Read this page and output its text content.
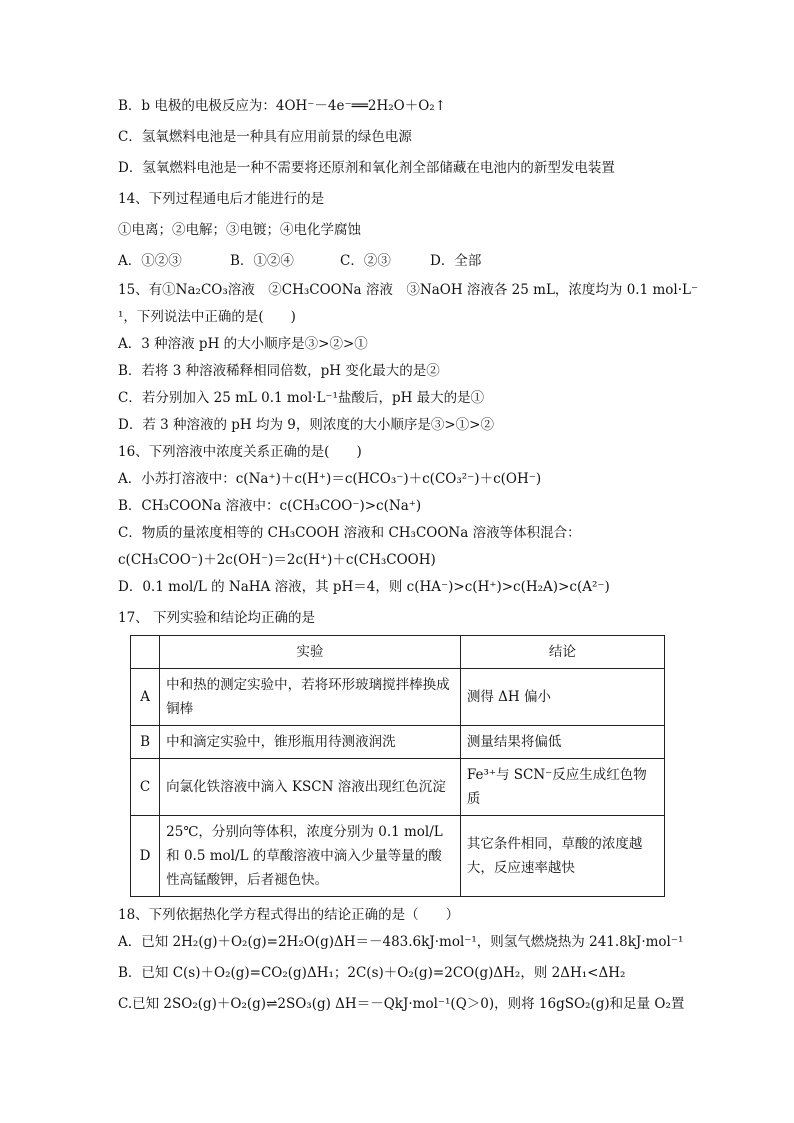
B．b 电极的电极反应为：4OH⁻－4e⁻══2H₂O＋O₂↑
C．氢氧燃料电池是一种具有应用前景的绿色电源
D．氢氧燃料电池是一种不需要将还原剂和氧化剂全部储藏在电池内的新型发电装置
14、下列过程通电后才能进行的是
①电离；②电解；③电镀；④电化学腐蚀
A．①②③	B．①②④	C．②③	D．全部
15、有①Na₂CO₃溶液　②CH₃COONa 溶液　③NaOH 溶液各 25 mL，浓度均为 0.1 mol·L⁻
¹，下列说法中正确的是(　　)
A．3 种溶液 pH 的大小顺序是③>②>①
B．若将 3 种溶液稀释相同倍数，pH 变化最大的是②
C．若分别加入 25 mL 0.1 mol·L⁻¹盐酸后，pH 最大的是①
D．若 3 种溶液的 pH 均为 9，则浓度的大小顺序是③>①>②
16、下列溶液中浓度关系正确的是(　　)
A．小苏打溶液中：c(Na⁺)＋c(H⁺)＝c(HCO₃⁻)＋c(CO₃²⁻)＋c(OH⁻)
B．CH₃COONa 溶液中：c(CH₃COO⁻)>c(Na⁺)
C．物质的量浓度相等的 CH₃COOH 溶液和 CH₃COONa 溶液等体积混合：
c(CH₃COO⁻)＋2c(OH⁻)＝2c(H⁺)＋c(CH₃COOH)
D．0.1 mol/L 的 NaHA 溶液，其 pH＝4，则 c(HA⁻)>c(H⁺)>c(H₂A)>c(A²⁻)
17、 下列实验和结论均正确的是
	实验	结论
A	中和热的测定实验中，若将环形玻璃搅拌棒换成铜棒	测得 ΔH 偏小
B	中和滴定实验中，锥形瓶用待测液润洗	测量结果将偏低
C	向氯化铁溶液中滴入 KSCN 溶液出现红色沉淀	Fe³⁺与 SCN⁻反应生成红色物质
D	25℃，分别向等体积，浓度分别为 0.1 mol/L 和 0.5 mol/L 的草酸溶液中滴入少量等量的酸性高锰酸钾，后者褪色快。	其它条件相同，草酸的浓度越大，反应速率越快
18、下列依据热化学方程式得出的结论正确的是（　　）
A．已知 2H₂(g)＋O₂(g)=2H₂O(g)ΔH＝－483.6kJ·mol⁻¹，则氢气燃烧热为 241.8kJ·mol⁻¹
B．已知 C(s)＋O₂(g)=CO₂(g)ΔH₁；2C(s)＋O₂(g)=2CO(g)ΔH₂，则 2ΔH₁<ΔH₂
C.已知 2SO₂(g)＋O₂(g)⇌2SO₃(g) ΔH＝－QkJ·mol⁻¹(Q＞0)，则将 16gSO₂(g)和足量 O₂置
